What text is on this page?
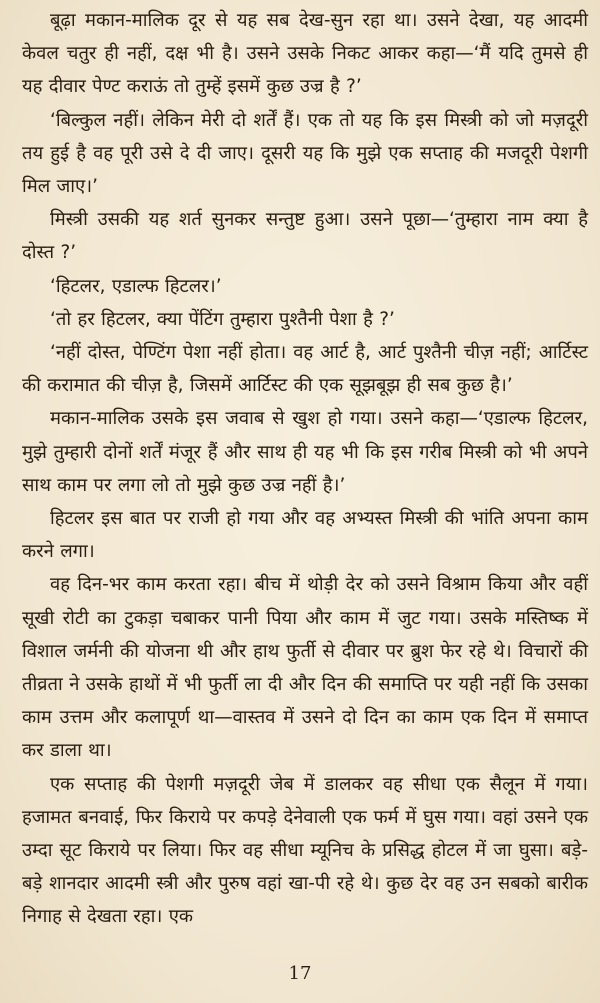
बूढ़ा मकान-मालिक दूर से यह सब देख-सुन रहा था। उसने देखा, यह आदमी केवल चतुर ही नहीं, दक्ष भी है। उसने उसके निकट आकर कहा—‘मैं यदि तुमसे ही यह दीवार पेण्ट कराऊं तो तुम्हें इसमें कुछ उज्र है ?’

‘बिल्कुल नहीं। लेकिन मेरी दो शर्तें हैं। एक तो यह कि इस मिस्त्री को जो मज़दूरी तय हुई है वह पूरी उसे दे दी जाए। दूसरी यह कि मुझे एक सप्ताह की मजदूरी पेशगी मिल जाए।’

मिस्त्री उसकी यह शर्त सुनकर सन्तुष्ट हुआ। उसने पूछा—‘तुम्हारा नाम क्या है दोस्त ?’

‘हिटलर, एडाल्फ हिटलर।’

‘तो हर हिटलर, क्या पेंटिंग तुम्हारा पुश्तैनी पेशा है ?’

‘नहीं दोस्त, पेण्टिंग पेशा नहीं होता। वह आर्ट है, आर्ट पुश्तैनी चीज़ नहीं; आर्टिस्ट की करामात की चीज़ है, जिसमें आर्टिस्ट की एक सूझबूझ ही सब कुछ है।’

मकान-मालिक उसके इस जवाब से खुश हो गया। उसने कहा—‘एडाल्फ हिटलर, मुझे तुम्हारी दोनों शर्तें मंजूर हैं और साथ ही यह भी कि इस गरीब मिस्त्री को भी अपने साथ काम पर लगा लो तो मुझे कुछ उज्र नहीं है।’

हिटलर इस बात पर राजी हो गया और वह अभ्यस्त मिस्त्री की भांति अपना काम करने लगा।

वह दिन-भर काम करता रहा। बीच में थोड़ी देर को उसने विश्राम किया और वहीं सूखी रोटी का टुकड़ा चबाकर पानी पिया और काम में जुट गया। उसके मस्तिष्क में विशाल जर्मनी की योजना थी और हाथ फुर्ती से दीवार पर ब्रुश फेर रहे थे। विचारों की तीव्रता ने उसके हाथों में भी फुर्ती ला दी और दिन की समाप्ति पर यही नहीं कि उसका काम उत्तम और कलापूर्ण था—वास्तव में उसने दो दिन का काम एक दिन में समाप्त कर डाला था।

एक सप्ताह की पेशगी मज़दूरी जेब में डालकर वह सीधा एक सैलून में गया। हजामत बनवाई, फिर किराये पर कपड़े देनेवाली एक फर्म में घुस गया। वहां उसने एक उम्दा सूट किराये पर लिया। फिर वह सीधा म्यूनिच के प्रसिद्ध होटल में जा घुसा। बड़े-बड़े शानदार आदमी स्त्री और पुरुष वहां खा-पी रहे थे। कुछ देर वह उन सबको बारीक निगाह से देखता रहा। एक

17
